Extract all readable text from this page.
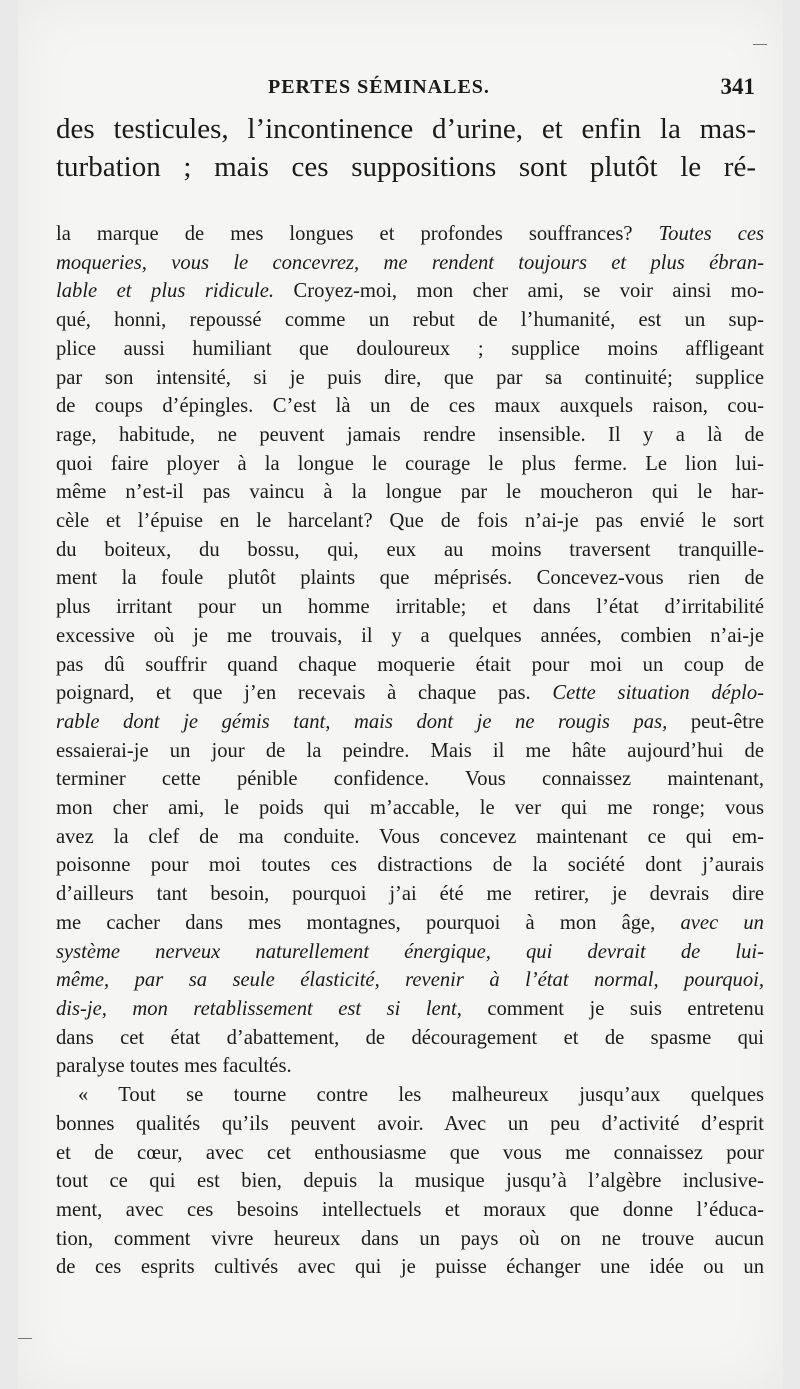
PERTES SÉMINALES.	341
des testicules, l’incontinence d’urine, et enfin la mas-
turbation ; mais ces suppositions sont plutôt le ré-
la marque de mes longues et profondes souffrances? Toutes ces
moqueries, vous le concevrez, me rendent toujours et plus ébran-
lable et plus ridicule. Croyez-moi, mon cher ami, se voir ainsi mo-
qué, honni, repoussé comme un rebut de l’humanité, est un sup-
plice aussi humiliant que douloureux ; supplice moins affligeant
par son intensité, si je puis dire, que par sa continuité; supplice
de coups d’épingles. C’est là un de ces maux auxquels raison, cou-
rage, habitude, ne peuvent jamais rendre insensible. Il y a là de
quoi faire ployer à la longue le courage le plus ferme. Le lion lui-
même n’est-il pas vaincu à la longue par le moucheron qui le har-
cèle et l’épuise en le harcelant? Que de fois n’ai-je pas envié le sort
du boiteux, du bossu, qui, eux au moins traversent tranquille-
ment la foule plutôt plaints que méprisés. Concevez-vous rien de
plus irritant pour un homme irritable; et dans l’état d’irritabilité
excessive où je me trouvais, il y a quelques années, combien n’ai-je
pas dû souffrir quand chaque moquerie était pour moi un coup de
poignard, et que j’en recevais à chaque pas. Cette situation déplo-
rable dont je gémis tant, mais dont je ne rougis pas, peut-être
essaierai-je un jour de la peindre. Mais il me hâte aujourd’hui de
terminer cette pénible confidence. Vous connaissez maintenant,
mon cher ami, le poids qui m’accable, le ver qui me ronge; vous
avez la clef de ma conduite. Vous concevez maintenant ce qui em-
poisonne pour moi toutes ces distractions de la société dont j’aurais
d’ailleurs tant besoin, pourquoi j’ai été me retirer, je devrais dire
me cacher dans mes montagnes, pourquoi à mon âge, avec un
système nerveux naturellement énergique, qui devrait de lui-
même, par sa seule élasticité, revenir à l’état normal, pourquoi,
dis-je, mon retablissement est si lent, comment je suis entretenu
dans cet état d’abattement, de découragement et de spasme qui
paralyse toutes mes facultés.
« Tout se tourne contre les malheureux jusqu’aux quelques
bonnes qualités qu’ils peuvent avoir. Avec un peu d’activité d’esprit
et de cœur, avec cet enthousiasme que vous me connaissez pour
tout ce qui est bien, depuis la musique jusqu’à l’algèbre inclusive-
ment, avec ces besoins intellectuels et moraux que donne l’éduca-
tion, comment vivre heureux dans un pays où on ne trouve aucun
de ces esprits cultivés avec qui je puisse échanger une idée ou un
